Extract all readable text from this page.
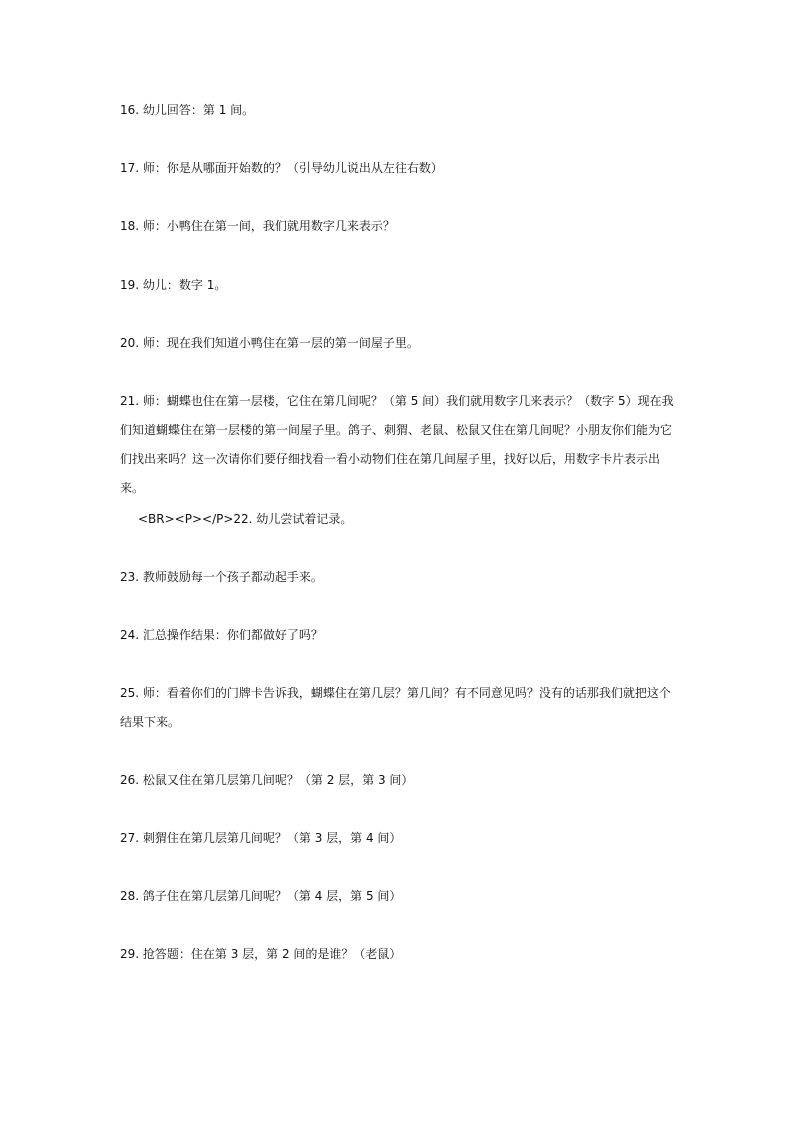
16. 幼儿回答：第 1 间。

17. 师：你是从哪面开始数的？（引导幼儿说出从左往右数）

18. 师：小鸭住在第一间，我们就用数字几来表示？

19. 幼儿：数字 1。

20. 师：现在我们知道小鸭住在第一层的第一间屋子里。

21. 师：蝴蝶也住在第一层楼，它住在第几间呢？（第 5 间）我们就用数字几来表示？（数字 5）现在我们知道蝴蝶住在第一层楼的第一间屋子里。鸽子、刺猬、老鼠、松鼠又住在第几间呢？小朋友你们能为它们找出来吗？这一次请你们要仔细找看一看小动物们住在第几间屋子里，找好以后，用数字卡片表示出来。

<BR><P></P>22. 幼儿尝试着记录。

23. 教师鼓励每一个孩子都动起手来。

24. 汇总操作结果：你们都做好了吗？

25. 师：看着你们的门牌卡告诉我，蝴蝶住在第几层？第几间？有不同意见吗？没有的话那我们就把这个结果下来。

26. 松鼠又住在第几层第几间呢？（第 2 层，第 3 间）

27. 刺猬住在第几层第几间呢？（第 3 层，第 4 间）

28. 鸽子住在第几层第几间呢？（第 4 层，第 5 间）

29. 抢答题：住在第 3 层，第 2 间的是谁？（老鼠）
